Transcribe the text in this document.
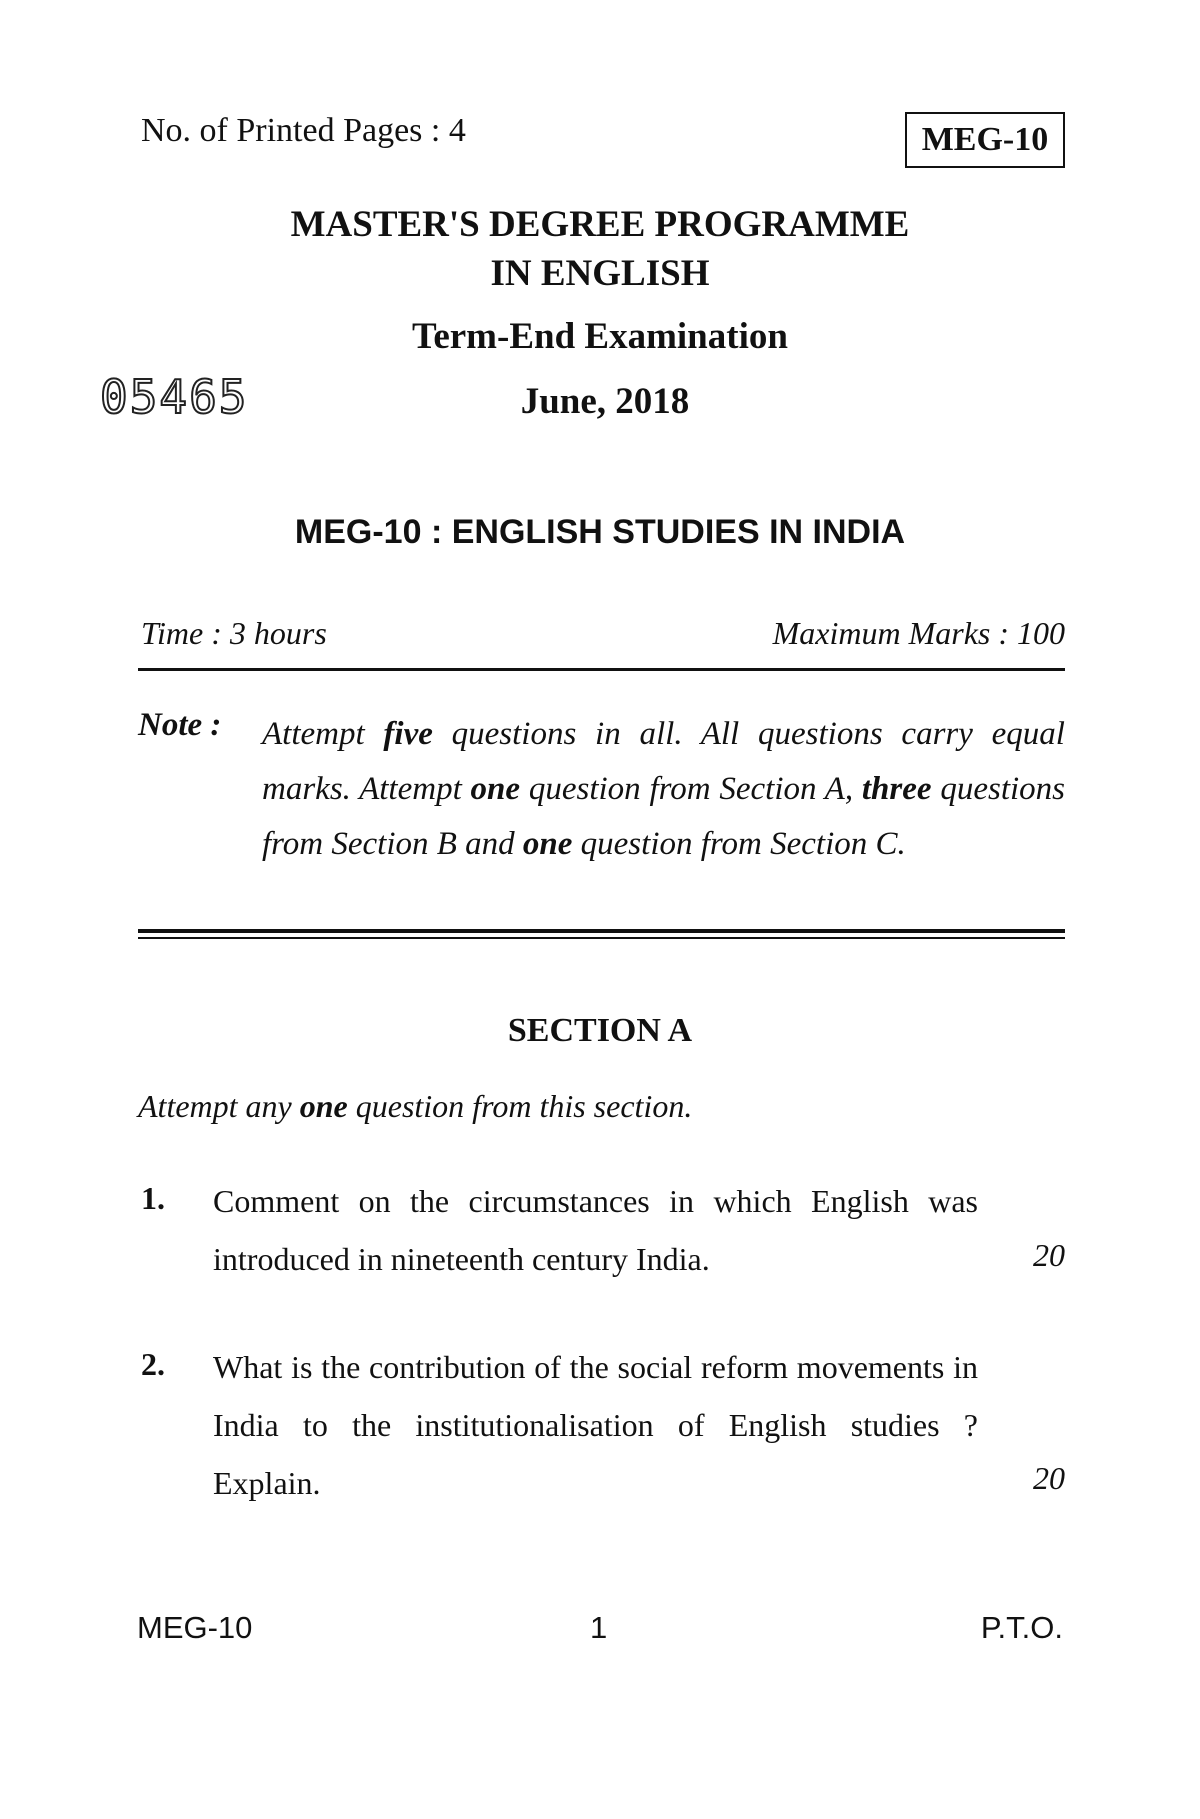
No. of Printed Pages : 4	MEG-10
MASTER'S DEGREE PROGRAMME
IN ENGLISH
Term-End Examination
05465	June, 2018
MEG-10 : ENGLISH STUDIES IN INDIA
Time : 3 hours	Maximum Marks : 100
Note : Attempt five questions in all. All questions carry equal marks. Attempt one question from Section A, three questions from Section B and one question from Section C.
SECTION A
Attempt any one question from this section.
1. Comment on the circumstances in which English was introduced in nineteenth century India.	20
2. What is the contribution of the social reform movements in India to the institutionalisation of English studies ? Explain.	20
MEG-10	1	P.T.O.
